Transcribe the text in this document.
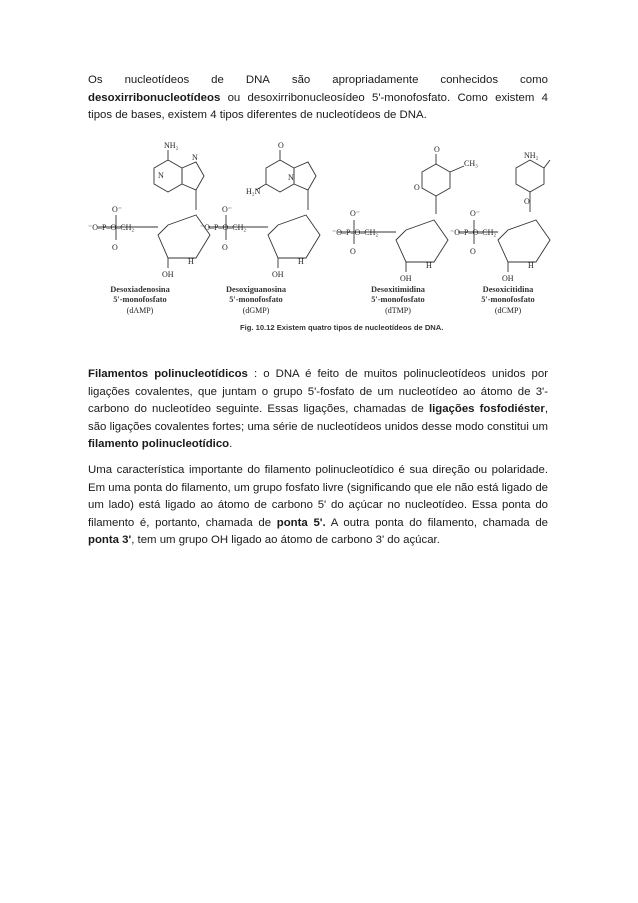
Os nucleotídeos de DNA são apropriadamente conhecidos como
desoxirribonucleotídeos ou desoxirribonucleosídeo 5'-monofosfato. Como existem 4 tipos de bases, existem 4 tipos diferentes de nucleotídeos de DNA.

NH₂
N
N
O
H₂N
N
O
O
CH₃
NH₂
O
⁻O–P–O–CH₂
O⁻
O
⁻O–P–O–CH₂
O⁻
O
⁻O–P–O–CH₂
O⁻
O
⁻O–P–O–CH₂
O⁻
O
OH
H
OH
H
OH
H
OH
H
Desoxiadenosina
5'-monofosfato
(dAMP)
Desoxiguanosina
5'-monofosfato
(dGMP)
Desoxitimidina
5'-monofosfato
(dTMP)
Desoxicitidina
5'-monofosfato
(dCMP)
Fig. 10.12 Existem quatro tipos de nucleotídeos de DNA.

Filamentos polinucleotídicos : o DNA é feito de muitos polinucleotídeos unidos por ligações covalentes, que juntam o grupo 5'-fosfato de um nucleotídeo ao átomo de 3'-carbono do nucleotídeo seguinte. Essas ligações, chamadas de ligações fosfodiéster, são ligações covalentes fortes; uma série de nucleotídeos unidos desse modo constitui um filamento polinucleotídico.

Uma característica importante do filamento polinucleotídico é sua direção ou polaridade. Em uma ponta do filamento, um grupo fosfato livre (significando que ele não está ligado de um lado) está ligado ao átomo de carbono 5' do açúcar no nucleotídeo. Essa ponta do filamento é, portanto, chamada de ponta 5'. A outra ponta do filamento, chamada de ponta 3', tem um grupo OH ligado ao átomo de carbono 3' do açúcar.
